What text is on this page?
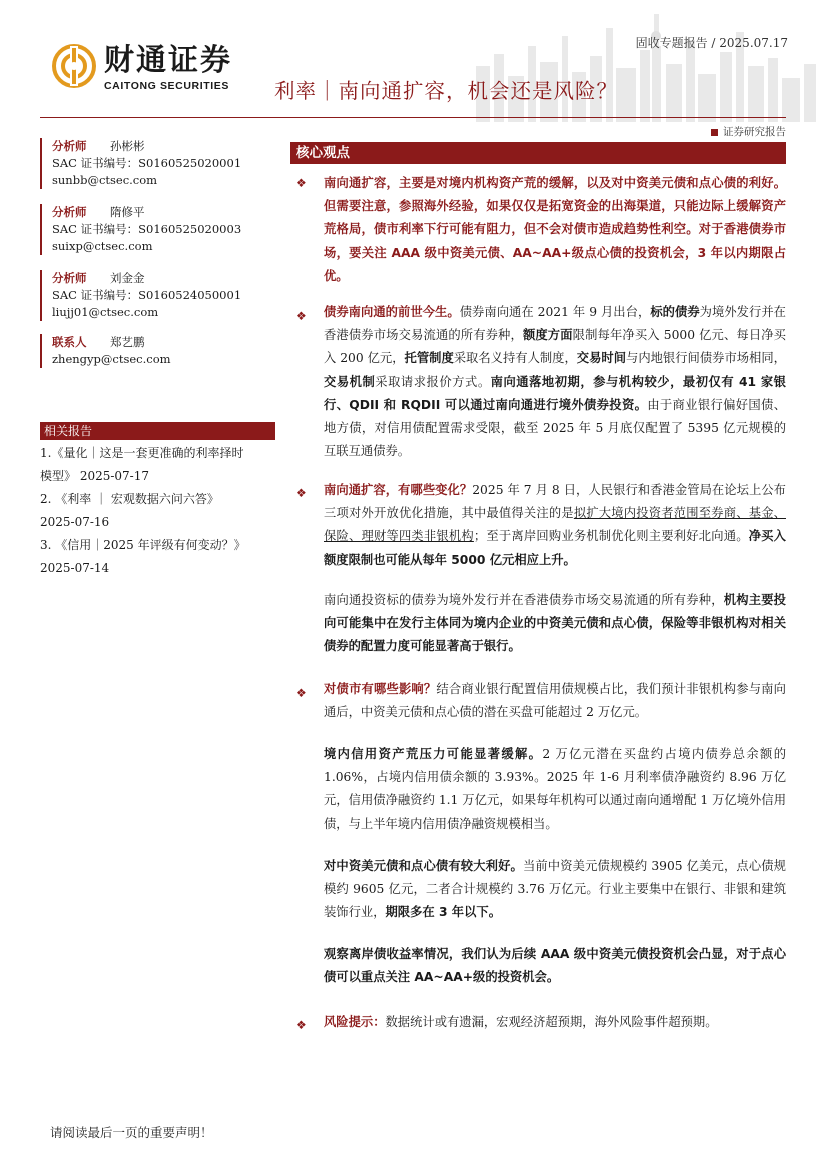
财通证券
CAITONG SECURITIES
固收专题报告 / 2025.07.17
利率｜南向通扩容，机会还是风险？
证券研究报告
分析师 孙彬彬
SAC 证书编号：S0160525020001
sunbb@ctsec.com
分析师 隋修平
SAC 证书编号：S0160525020003
suixp@ctsec.com
分析师 刘金金
SAC 证书编号：S0160524050001
liujj01@ctsec.com
联系人 郑艺鹏
zhengyp@ctsec.com
相关报告
1.《量化｜这是一套更准确的利率择时
模型》 2025-07-17
2. 《利率 ｜ 宏观数据六问六答》
2025-07-16
3. 《信用｜2025 年评级有何变动？》
2025-07-14
核心观点
❖ 南向通扩容，主要是对境内机构资产荒的缓解，以及对中资美元债和点心债的利好。但需要注意，参照海外经验，如果仅仅是拓宽资金的出海渠道，只能边际上缓解资产荒格局，债市利率下行可能有阻力，但不会对债市造成趋势性利空。对于香港债券市场，要关注 AAA 级中资美元债、AA~AA+级点心债的投资机会，3 年以内期限占优。
❖ 债券南向通的前世今生。债券南向通在 2021 年 9 月出台，标的债券为境外发行并在香港债券市场交易流通的所有券种，额度方面限制每年净买入 5000 亿元、每日净买入 200 亿元，托管制度采取名义持有人制度，交易时间与内地银行间债券市场相同，交易机制采取请求报价方式。南向通落地初期，参与机构较少，最初仅有 41 家银行、QDII 和 RQDII 可以通过南向通进行境外债券投资。由于商业银行偏好国债、地方债，对信用债配置需求受限，截至 2025 年 5 月底仅配置了 5395 亿元规模的互联互通债券。
❖ 南向通扩容，有哪些变化？2025 年 7 月 8 日，人民银行和香港金管局在论坛上公布三项对外开放优化措施，其中最值得关注的是拟扩大境内投资者范围至券商、基金、保险、理财等四类非银机构；至于离岸回购业务机制优化则主要利好北向通。净买入额度限制也可能从每年 5000 亿元相应上升。
南向通投资标的债券为境外发行并在香港债券市场交易流通的所有券种，机构主要投向可能集中在发行主体同为境内企业的中资美元债和点心债，保险等非银机构对相关债券的配置力度可能显著高于银行。
❖ 对债市有哪些影响？结合商业银行配置信用债规模占比，我们预计非银机构参与南向通后，中资美元债和点心债的潜在买盘可能超过 2 万亿元。
境内信用资产荒压力可能显著缓解。2 万亿元潜在买盘约占境内债券总余额的 1.06%，占境内信用债余额的 3.93%。2025 年 1-6 月利率债净融资约 8.96 万亿元，信用债净融资约 1.1 万亿元，如果每年机构可以通过南向通增配 1 万亿境外信用债，与上半年境内信用债净融资规模相当。
对中资美元债和点心债有较大利好。当前中资美元债规模约 3905 亿美元，点心债规模约 9605 亿元，二者合计规模约 3.76 万亿元。行业主要集中在银行、非银和建筑装饰行业，期限多在 3 年以下。
观察离岸债收益率情况，我们认为后续 AAA 级中资美元债投资机会凸显，对于点心债可以重点关注 AA~AA+级的投资机会。
❖ 风险提示：数据统计或有遗漏，宏观经济超预期，海外风险事件超预期。
请阅读最后一页的重要声明！
